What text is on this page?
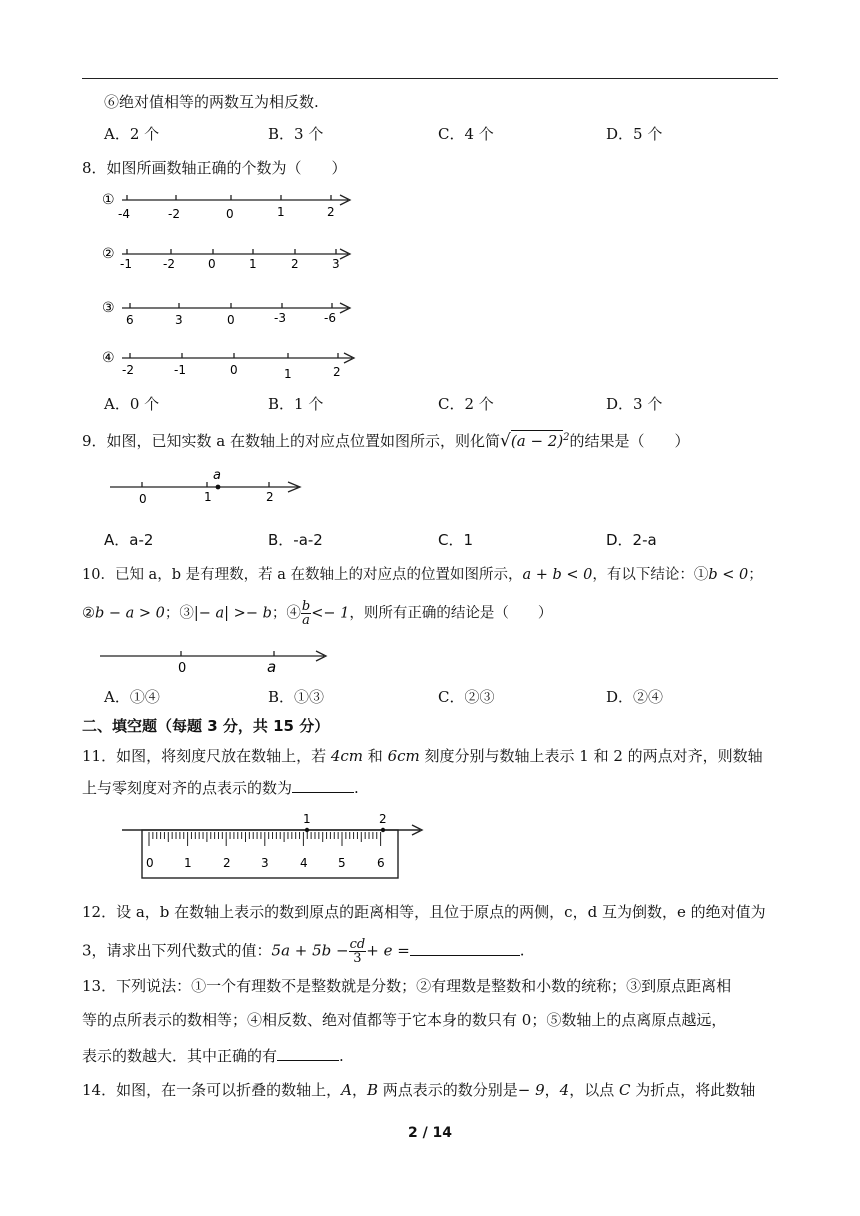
⑥绝对值相等的两数互为相反数.
A．2 个	B．3 个	C．4 个	D．5 个
8．如图所画数轴正确的个数为（　　）
①
-4	-2	0	1	2
②
-1	-2	0	1	2	3
③
6	3	0	-3	-6
④
-2	-1	0	1	2
A．0 个	B．1 个	C．2 个	D．3 个
9．如图，已知实数 a 在数轴上的对应点位置如图所示，则化简$√(a - 2)^2$的结果是（　　）
a
0	1	2
A．a-2	B．-a-2	C．1	D．2-a
10．已知 a，b 是有理数，若 a 在数轴上的对应点的位置如图所示，a + b < 0，有以下结论：①b < 0；
②b − a > 0；③|− a| >− b；④ $\frac{b}{a} <- 1$，则所有正确的结论是（　　）
0	a
A．①④	B．①③	C．②③	D．②④
二、填空题（每题 3 分，共 15 分）
11．如图，将刻度尺放在数轴上，若 4cm 和 6cm 刻度分别与数轴上表示 1 和 2 的两点对齐，则数轴
上与零刻度对齐的点表示的数为	.
1	2
0	1	2	3	4	5	6
12．设 a，b 在数轴上表示的数到原点的距离相等，且位于原点的两侧，c，d 互为倒数，e 的绝对值为
3，请求出下列代数式的值：$5a + 5b - \frac{cd}{3} + e$ =	.
13．下列说法：①一个有理数不是整数就是分数；②有理数是整数和小数的统称；③到原点距离相
等的点所表示的数相等；④相反数、绝对值都等于它本身的数只有 0；⑤数轴上的点离原点越远，
表示的数越大．其中正确的有	.
14．如图，在一条可以折叠的数轴上，A，B 两点表示的数分别是− 9，4，以点 C 为折点，将此数轴
2 / 14
